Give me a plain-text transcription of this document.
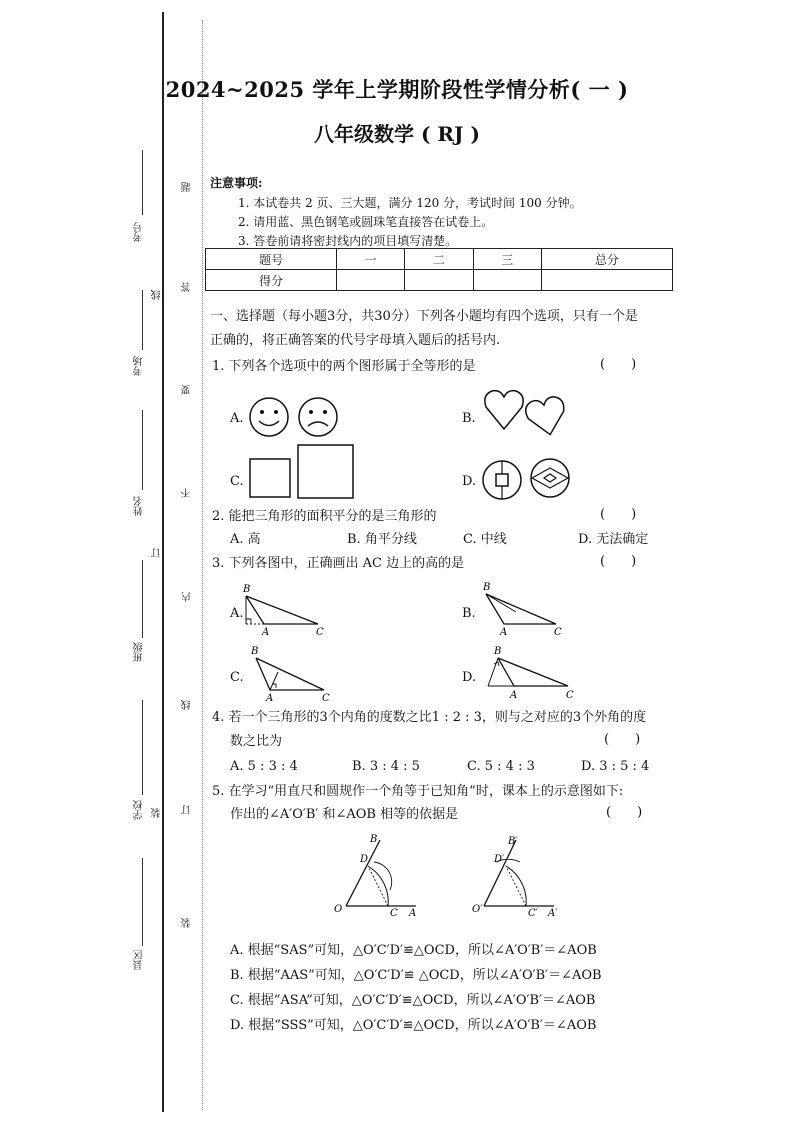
考号
考场
姓名
班级
学校
县区
线
订
装
题
答
要
不
内
线
订
装
2024~2025 学年上学期阶段性学情分析( 一 )
八年级数学 ( RJ )
注意事项:
1. 本试卷共 2 页、三大题，满分 120 分，考试时间 100 分钟。
2. 请用蓝、黑色钢笔或圆珠笔直接答在试卷上。
3. 答卷前请将密封线内的项目填写清楚。
题号	一	二	三	总分
得分				
一、选择题（每小题3分，共30分）下列各小题均有四个选项，只有一个是
正确的，将正确答案的代号字母填入题后的括号内.
1. 下列各个选项中的两个图形属于全等形的是	(　　)
A.	B.
C.	D.
2. 能把三角形的面积平分的是三角形的	(　　)
A. 高	B. 角平分线	C. 中线	D. 无法确定
3. 下列各图中，正确画出 AC 边上的高的是	(　　)
A.	B.
C.	D.
B
A	C
B
A	C
B
A	C
B
A	C
4. 若一个三角形的3个内角的度数之比1 : 2 : 3，则与之对应的3个外角的度
数之比为	(　　)
A. 5 : 3 : 4	B. 3 : 4 : 5	C. 5 : 4 : 3	D. 3 : 5 : 4
5. 在学习“用直尺和圆规作一个角等于已知角”时，课本上的示意图如下:
作出的∠A′O′B′ 和∠AOB 相等的依据是	(　　)
B
D
O	C A
B′
D′
O′	C′ A′
A. 根据“SAS”可知，△O′C′D′≌△OCD，所以∠A′O′B′＝∠AOB
B. 根据“AAS”可知，△O′C′D′≌ △OCD，所以∠A′O′B′＝∠AOB
C. 根据“ASA”可知，△O′C′D′≌△OCD，所以∠A′O′B′＝∠AOB
D. 根据“SSS”可知，△O′C′D′≌△OCD，所以∠A′O′B′＝∠AOB
